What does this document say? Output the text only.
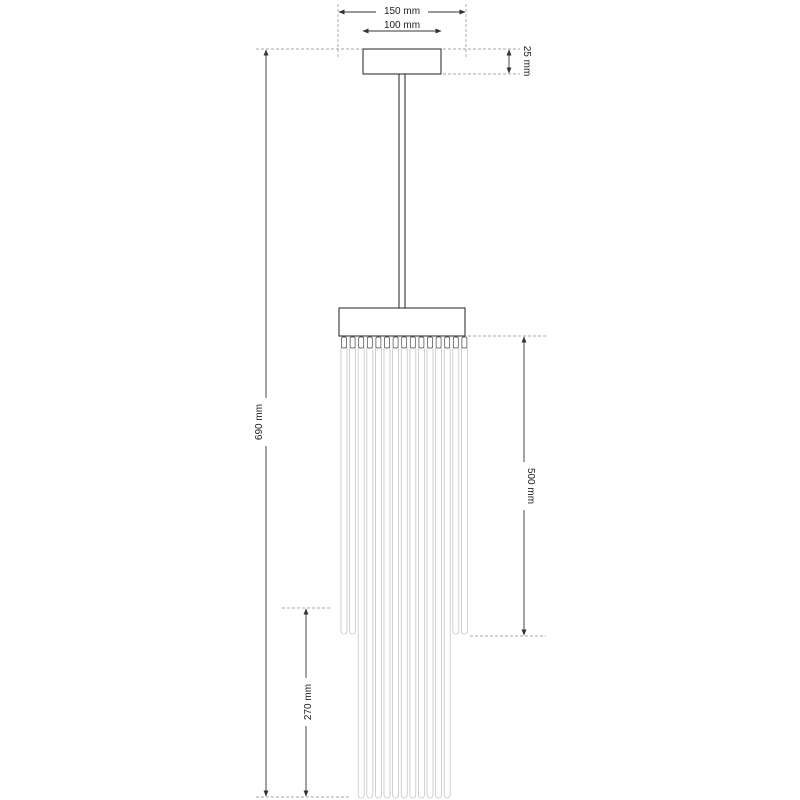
150 mm
100 mm
25 mm
690 mm
500 mm
270 mm
